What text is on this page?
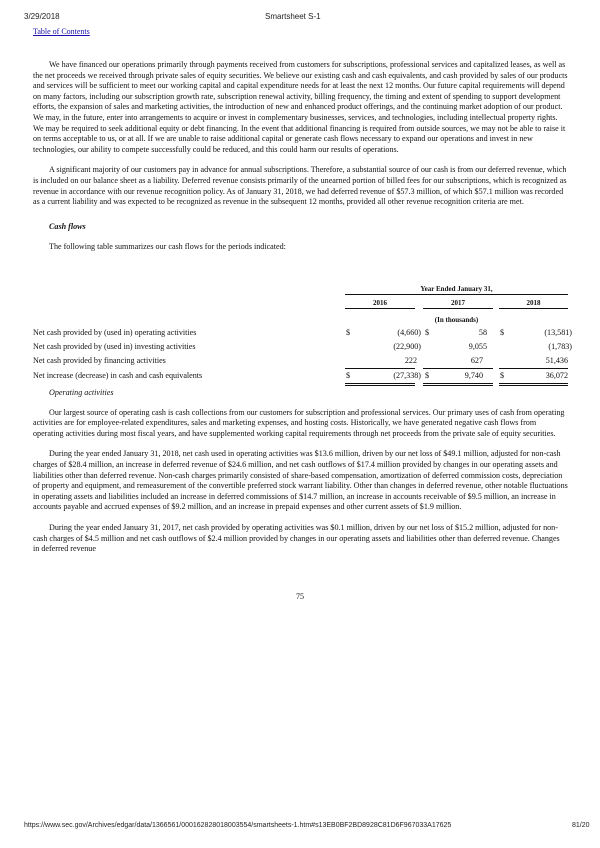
3/29/2018	Smartsheet S-1
Table of Contents

We have financed our operations primarily through payments received from customers for subscriptions, professional services and capitalized leases, as well as the net proceeds we received through private sales of equity securities. We believe our existing cash and cash equivalents, and cash provided by sales of our products and services will be sufficient to meet our working capital and capital expenditure needs for at least the next 12 months. Our future capital requirements will depend on many factors, including our subscription growth rate, subscription renewal activity, billing frequency, the timing and extent of spending to support development efforts, the expansion of sales and marketing activities, the introduction of new and enhanced product offerings, and the continuing market adoption of our product. We may, in the future, enter into arrangements to acquire or invest in complementary businesses, services, and technologies, including intellectual property rights. We may be required to seek additional equity or debt financing. In the event that additional financing is required from outside sources, we may not be able to raise it on terms acceptable to us, or at all. If we are unable to raise additional capital or generate cash flows necessary to expand our operations and invest in new technologies, our ability to compete successfully could be reduced, and this could harm our results of operations.

A significant majority of our customers pay in advance for annual subscriptions. Therefore, a substantial source of our cash is from our deferred revenue, which is included on our balance sheet as a liability. Deferred revenue consists primarily of the unearned portion of billed fees for our subscriptions, which is recognized as revenue in accordance with our revenue recognition policy. As of January 31, 2018, we had deferred revenue of $57.3 million, of which $57.1 million was recorded as a current liability and was expected to be recognized as revenue in the subsequent 12 months, provided all other revenue recognition criteria are met.

Cash flows

The following table summarizes our cash flows for the periods indicated:

Year Ended January 31,
2016	2017	2018
(In thousands)
Net cash provided by (used in) operating activities	$	(4,660) $	58 $	(13,581)
Net cash provided by (used in) investing activities	(22,900)	9,055	(1,783)
Net cash provided by financing activities	222	627	51,436
Net increase (decrease) in cash and cash equivalents	$	(27,338) $	9,740 $	36,072
Operating activities

Our largest source of operating cash is cash collections from our customers for subscription and professional services. Our primary uses of cash from operating activities are for employee-related expenditures, sales and marketing expenses, and hosting costs. Historically, we have generated negative cash flows from operating activities during most fiscal years, and have supplemented working capital requirements through net proceeds from the private sale of equity securities.

During the year ended January 31, 2018, net cash used in operating activities was $13.6 million, driven by our net loss of $49.1 million, adjusted for non-cash charges of $28.4 million, an increase in deferred revenue of $24.6 million, and net cash outflows of $17.4 million provided by changes in our operating assets and liabilities other than deferred revenue. Non-cash charges primarily consisted of share-based compensation, amortization of deferred commission costs, depreciation of property and equipment, and remeasurement of the convertible preferred stock warrant liability. Other than changes in deferred revenue, other notable fluctuations in operating assets and liabilities included an increase in deferred commissions of $14.7 million, an increase in accounts receivable of $9.5 million, an increase in accounts payable and accrued expenses of $9.2 million, and an increase in prepaid expenses and other current assets of $1.9 million.

During the year ended January 31, 2017, net cash provided by operating activities was $0.1 million, driven by our net loss of $15.2 million, adjusted for non-cash charges of $4.5 million and net cash outflows of $2.4 million provided by changes in our operating assets and liabilities other than deferred revenue. Changes in deferred revenue

75
https://www.sec.gov/Archives/edgar/data/1366561/000162828018003554/smartsheets-1.htm#s13EB0BF2BD8928C81D6F967033A17625	81/20
